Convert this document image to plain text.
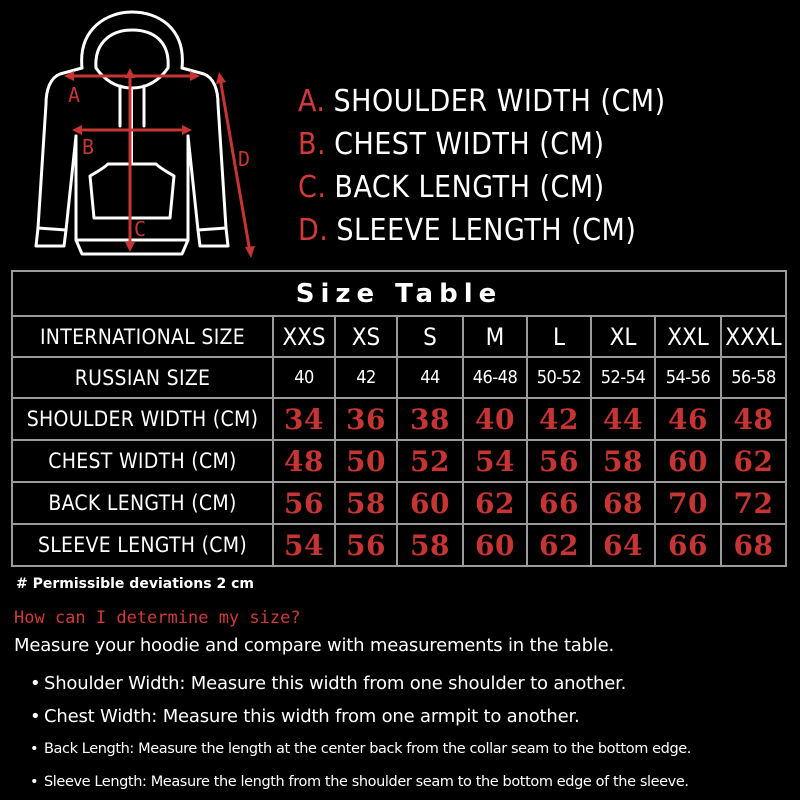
A
B
C
D
A. SHOULDER WIDTH (CM)
B. CHEST WIDTH (CM)
C. BACK LENGTH (CM)
D. SLEEVE LENGTH (CM)
Size Table								
INTERNATIONAL SIZE	XXS	XS	S	M	L	XL	XXL	XXXL
RUSSIAN SIZE	40	42	44	46-48	50-52	52-54	54-56	56-58
SHOULDER WIDTH (CM)	34	36	38	40	42	44	46	48
CHEST WIDTH (CM)	48	50	52	54	56	58	60	62
BACK LENGTH (CM)	56	58	60	62	66	68	70	72
SLEEVE LENGTH (CM)	54	56	58	60	62	64	66	68
# Permissible deviations 2 cm
How can I determine my size?
Measure your hoodie and compare with measurements in the table.
• Shoulder Width: Measure this width from one shoulder to another.
• Chest Width: Measure this width from one armpit to another.
• Back Length: Measure the length at the center back from the collar seam to the bottom edge.
• Sleeve Length: Measure the length from the shoulder seam to the bottom edge of the sleeve.
